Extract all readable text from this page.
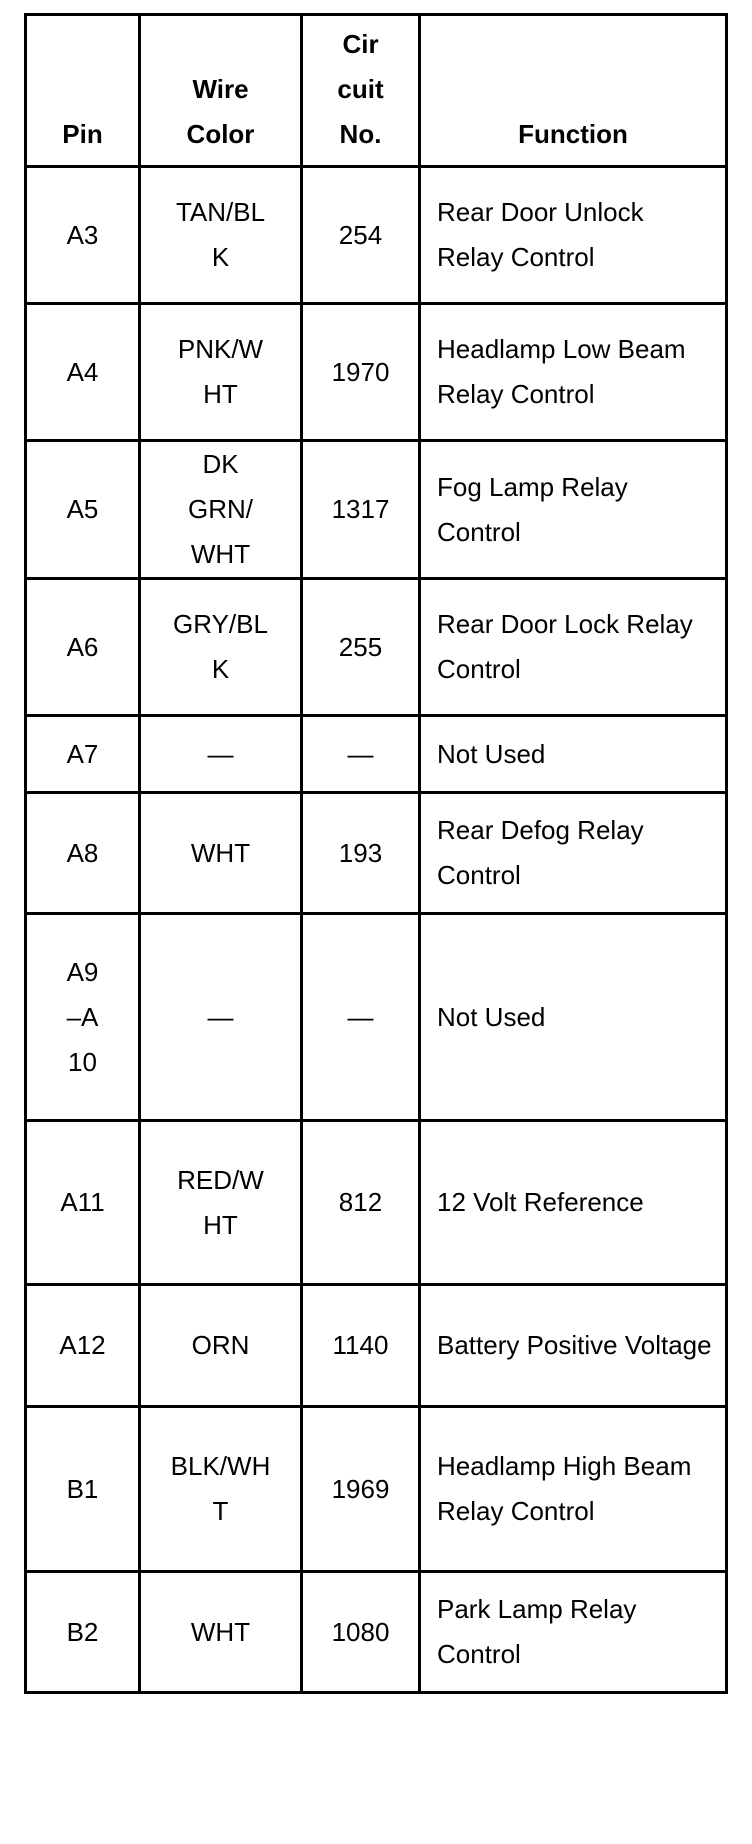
Pin	Wire Color	Cir cuit No.	Function
A3	TAN/BLK	254	Rear Door Unlock Relay Control
A4	PNK/WHT	1970	Headlamp Low Beam Relay Control
A5	DK GRN/ WHT	1317	Fog Lamp Relay Control
A6	GRY/BLK	255	Rear Door Lock Relay Control
A7	—	—	Not Used
A8	WHT	193	Rear Defog Relay Control
A9 –A 10	—	—	Not Used
A11	RED/WHT	812	12 Volt Reference
A12	ORN	1140	Battery Positive Voltage
B1	BLK/WHT	1969	Headlamp High Beam Relay Control
B2	WHT	1080	Park Lamp Relay Control
